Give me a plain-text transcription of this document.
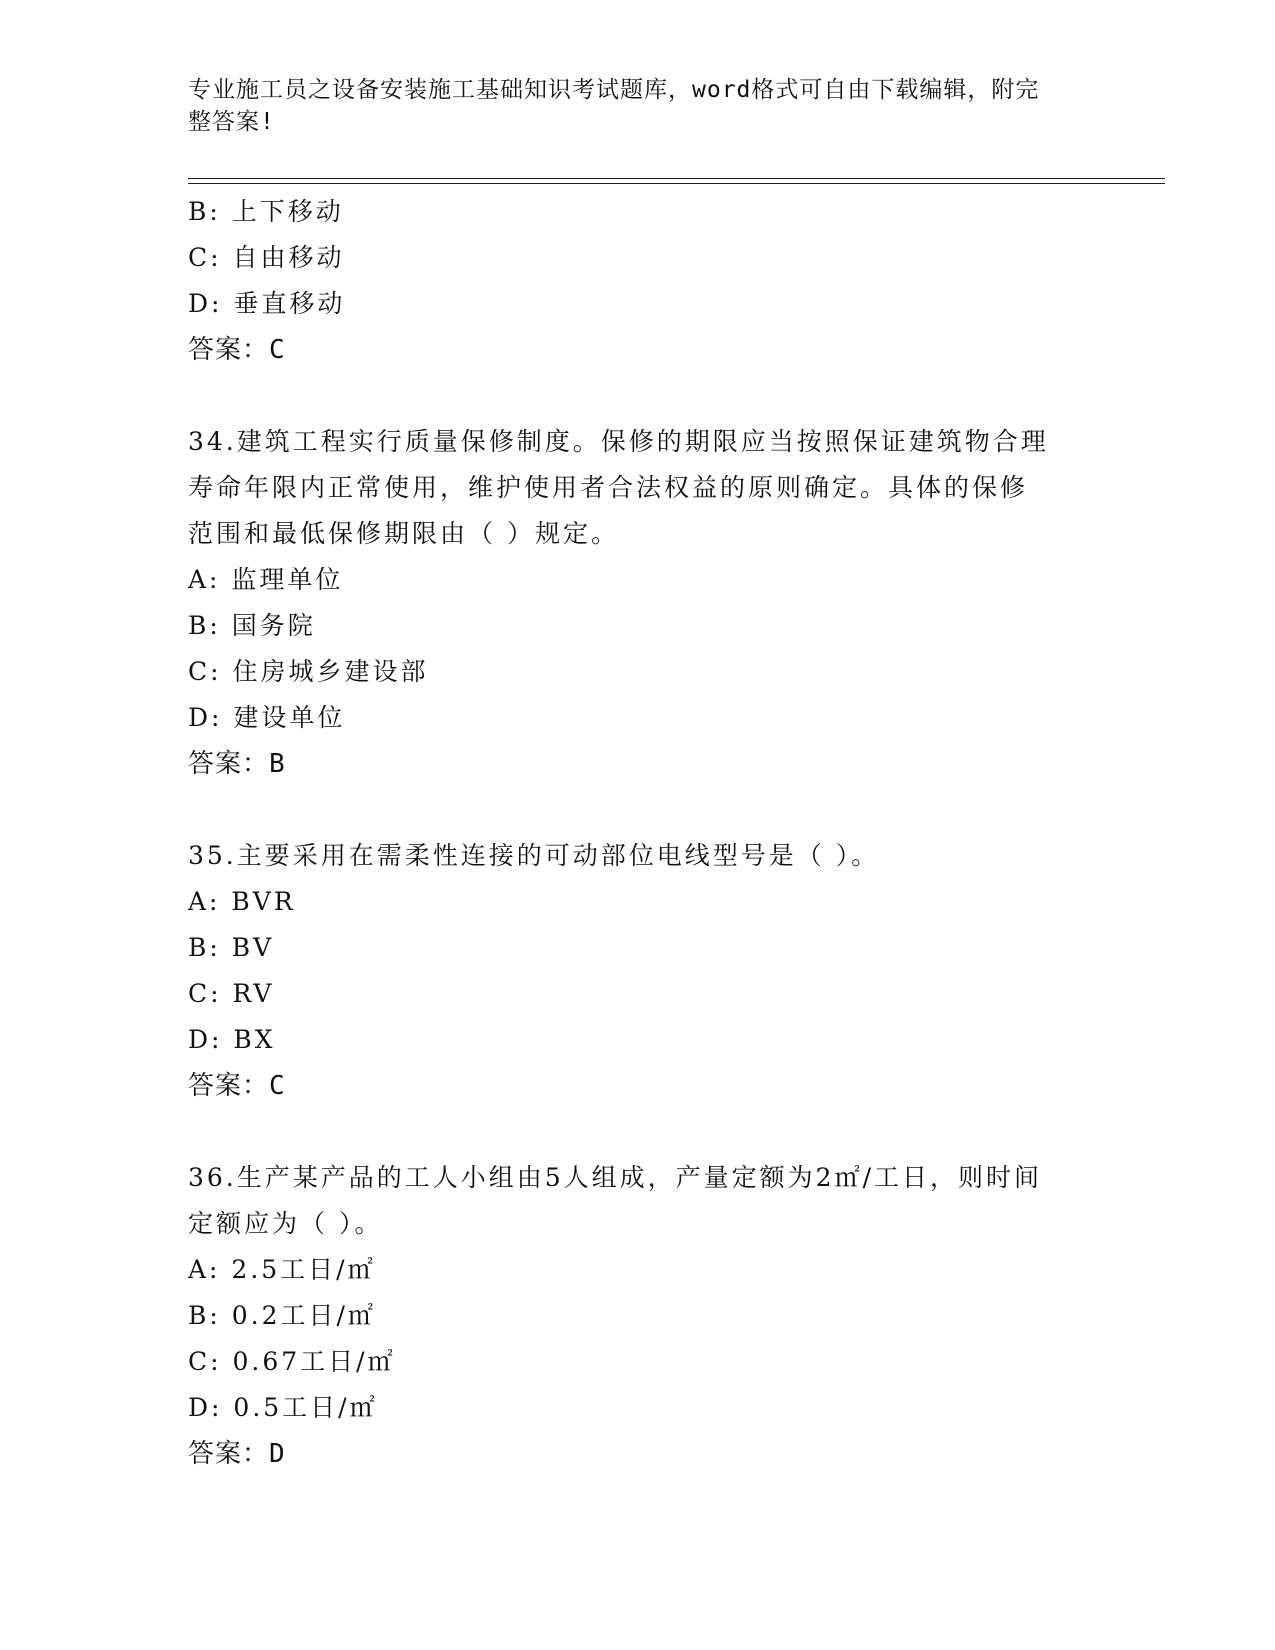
专业施工员之设备安装施工基础知识考试题库，word格式可自由下载编辑，附完
整答案!
B: 上下移动
C: 自由移动
D: 垂直移动
答案：C
34.建筑工程实行质量保修制度。保修的期限应当按照保证建筑物合理
寿命年限内正常使用，维护使用者合法权益的原则确定。具体的保修
范围和最低保修期限由（ ）规定。
A: 监理单位
B: 国务院
C: 住房城乡建设部
D: 建设单位
答案：B
35.主要采用在需柔性连接的可动部位电线型号是（ ）。
A: BVR
B: BV
C: RV
D: BX
答案：C
36.生产某产品的工人小组由5人组成，产量定额为2㎡/工日，则时间
定额应为（ ）。
A: 2.5工日/㎡
B: 0.2工日/㎡
C: 0.67工日/㎡
D: 0.5工日/㎡
答案：D
